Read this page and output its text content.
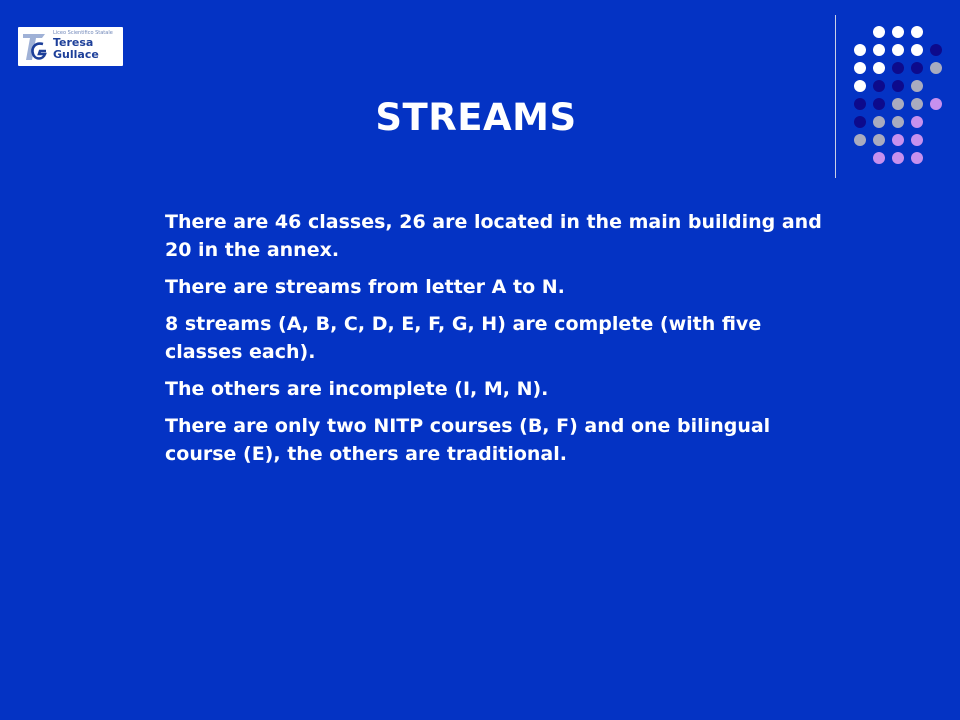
Liceo Scientifico Statale
Teresa
Gullace
STREAMS

There are 46 classes, 26 are located in the main building and 20 in the annex.

There are streams from letter A to N.

8 streams (A, B, C, D, E, F, G, H) are complete (with five classes each).

The others are incomplete (I, M, N).

There are only two NITP courses (B, F) and one bilingual course (E), the others are traditional.
